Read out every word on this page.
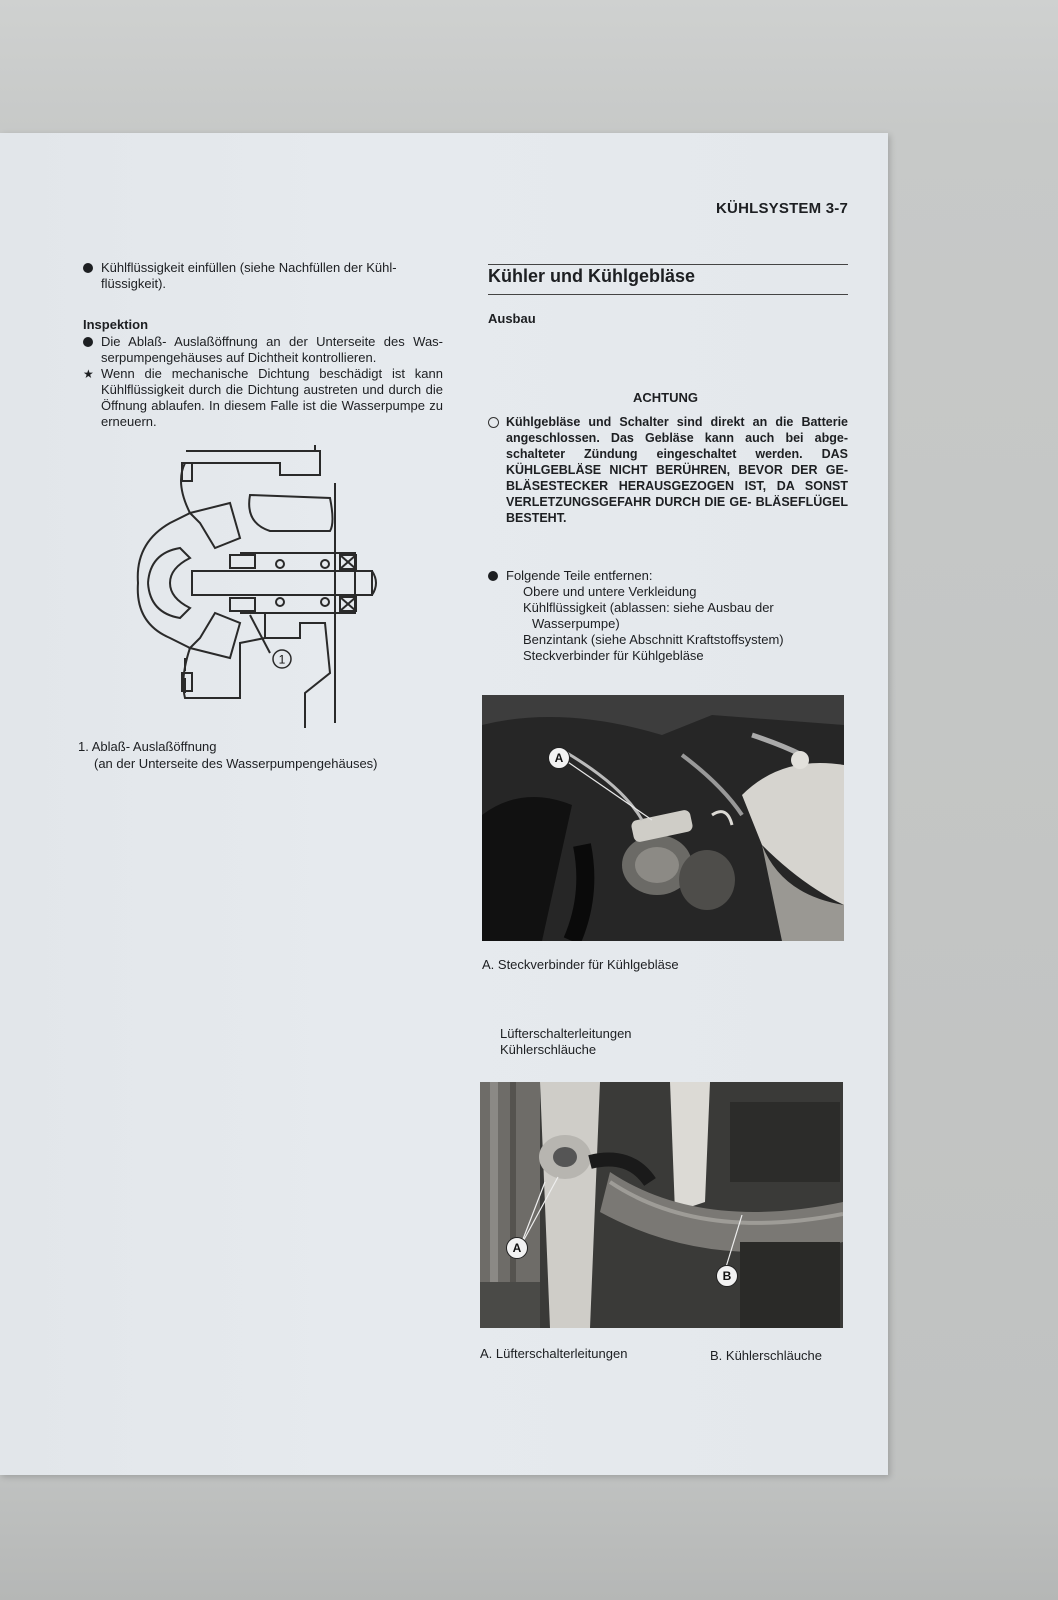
KÜHLSYSTEM 3-7
Kühlflüssigkeit einfüllen (siehe Nachfüllen der Kühl- flüssigkeit).
Inspektion
Die Ablaß- Auslaßöffnung an der Unterseite des Was- serpumpengehäuses auf Dichtheit kontrollieren.
★ Wenn die mechanische Dichtung beschädigt ist kann Kühlflüssigkeit durch die Dichtung austreten und durch die Öffnung ablaufen. In diesem Falle ist die Wasserpumpe zu erneuern.
1
1. Ablaß- Auslaßöffnung
(an der Unterseite des Wasserpumpengehäuses)
Kühler und Kühlgebläse
Ausbau
ACHTUNG
Kühlgebläse und Schalter sind direkt an die Batterie angeschlossen. Das Gebläse kann auch bei abge- schalteter Zündung eingeschaltet werden. DAS KÜHLGEBLÄSE NICHT BERÜHREN, BEVOR DER GE- BLÄSESTECKER HERAUSGEZOGEN IST, DA SONST VERLETZUNGSGEFAHR DURCH DIE GE- BLÄSEFLÜGEL BESTEHT.
Folgende Teile entfernen:
Obere und untere Verkleidung
Kühlflüssigkeit (ablassen: siehe Ausbau der
Wasserpumpe)
Benzintank (siehe Abschnitt Kraftstoffsystem)
Steckverbinder für Kühlgebläse
A
A. Steckverbinder für Kühlgebläse
Lüfterschalterleitungen
Kühlerschläuche
A
B
A. Lüfterschalterleitungen	B. Kühlerschläuche
